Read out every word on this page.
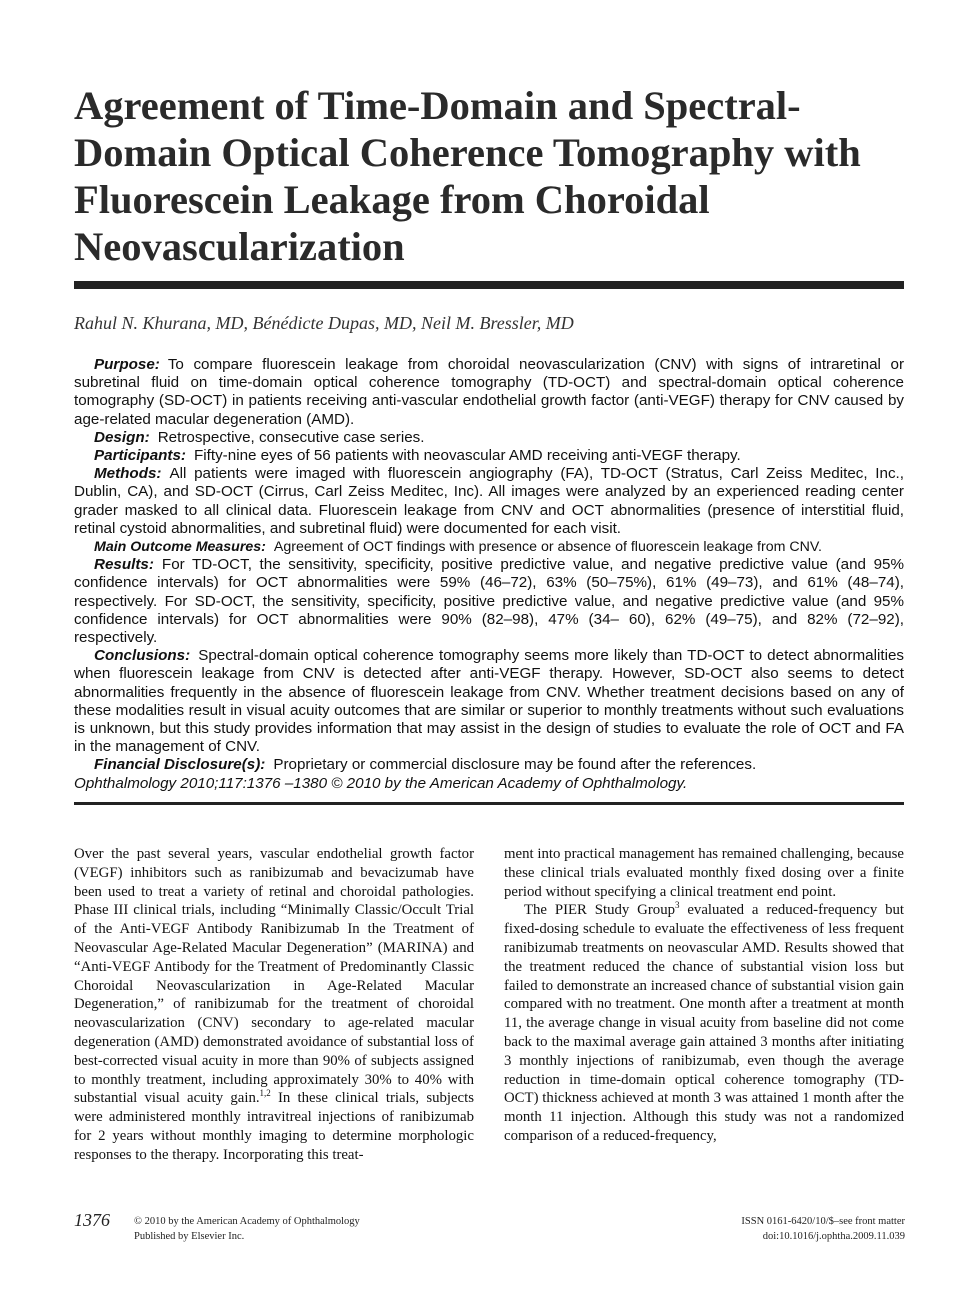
Agreement of Time-Domain and Spectral-Domain Optical Coherence Tomography with Fluorescein Leakage from Choroidal Neovascularization
Rahul N. Khurana, MD, Bénédicte Dupas, MD, Neil M. Bressler, MD

Purpose: To compare fluorescein leakage from choroidal neovascularization (CNV) with signs of intraretinal or subretinal fluid on time-domain optical coherence tomography (TD-OCT) and spectral-domain optical coherence tomography (SD-OCT) in patients receiving anti-vascular endothelial growth factor (anti-VEGF) therapy for CNV caused by age-related macular degeneration (AMD).

Design: Retrospective, consecutive case series.

Participants: Fifty-nine eyes of 56 patients with neovascular AMD receiving anti-VEGF therapy.

Methods: All patients were imaged with fluorescein angiography (FA), TD-OCT (Stratus, Carl Zeiss Meditec, Inc., Dublin, CA), and SD-OCT (Cirrus, Carl Zeiss Meditec, Inc). All images were analyzed by an experienced reading center grader masked to all clinical data. Fluorescein leakage from CNV and OCT abnormalities (presence of interstitial fluid, retinal cystoid abnormalities, and subretinal fluid) were documented for each visit.

Main Outcome Measures: Agreement of OCT findings with presence or absence of fluorescein leakage from CNV.

Results: For TD-OCT, the sensitivity, specificity, positive predictive value, and negative predictive value (and 95% confidence intervals) for OCT abnormalities were 59% (46–72), 63% (50–75%), 61% (49–73), and 61% (48–74), respectively. For SD-OCT, the sensitivity, specificity, positive predictive value, and negative predictive value (and 95% confidence intervals) for OCT abnormalities were 90% (82–98), 47% (34– 60), 62% (49–75), and 82% (72–92), respectively.

Conclusions: Spectral-domain optical coherence tomography seems more likely than TD-OCT to detect abnormalities when fluorescein leakage from CNV is detected after anti-VEGF therapy. However, SD-OCT also seems to detect abnormalities frequently in the absence of fluorescein leakage from CNV. Whether treatment decisions based on any of these modalities result in visual acuity outcomes that are similar or superior to monthly treatments without such evaluations is unknown, but this study provides information that may assist in the design of studies to evaluate the role of OCT and FA in the management of CNV.

Financial Disclosure(s): Proprietary or commercial disclosure may be found after the references.

Ophthalmology 2010;117:1376 –1380 © 2010 by the American Academy of Ophthalmology.

Over the past several years, vascular endothelial growth factor (VEGF) inhibitors such as ranibizumab and bevacizumab have been used to treat a variety of retinal and choroidal pathologies. Phase III clinical trials, including “Minimally Classic/Occult Trial of the Anti-VEGF Antibody Ranibizumab In the Treatment of Neovascular Age-Related Macular Degeneration” (MARINA) and “Anti-VEGF Antibody for the Treatment of Predominantly Classic Choroidal Neovascularization in Age-Related Macular Degeneration,” of ranibizumab for the treatment of choroidal neovascularization (CNV) secondary to age-related macular degeneration (AMD) demonstrated avoidance of substantial loss of best-corrected visual acuity in more than 90% of subjects assigned to monthly treatment, including approximately 30% to 40% with substantial visual acuity gain.$^{1,2}$ In these clinical trials, subjects were administered monthly intravitreal injections of ranibizumab for 2 years without monthly imaging to determine morphologic responses to the therapy. Incorporating this treat-

ment into practical management has remained challenging, because these clinical trials evaluated monthly fixed dosing over a finite period without specifying a clinical treatment end point.

The PIER Study Group$^3$ evaluated a reduced-frequency but fixed-dosing schedule to evaluate the effectiveness of less frequent ranibizumab treatments on neovascular AMD. Results showed that the treatment reduced the chance of substantial vision loss but failed to demonstrate an increased chance of substantial vision gain compared with no treatment. One month after a treatment at month 11, the average change in visual acuity from baseline did not come back to the maximal average gain attained 3 months after initiating 3 monthly injections of ranibizumab, even though the average reduction in time-domain optical coherence tomography (TD-OCT) thickness achieved at month 3 was attained 1 month after the month 11 injection. Although this study was not a randomized comparison of a reduced-frequency,

1376 © 2010 by the American Academy of Ophthalmology
Published by Elsevier Inc.
ISSN 0161-6420/10/$–see front matter
doi:10.1016/j.ophtha.2009.11.039
